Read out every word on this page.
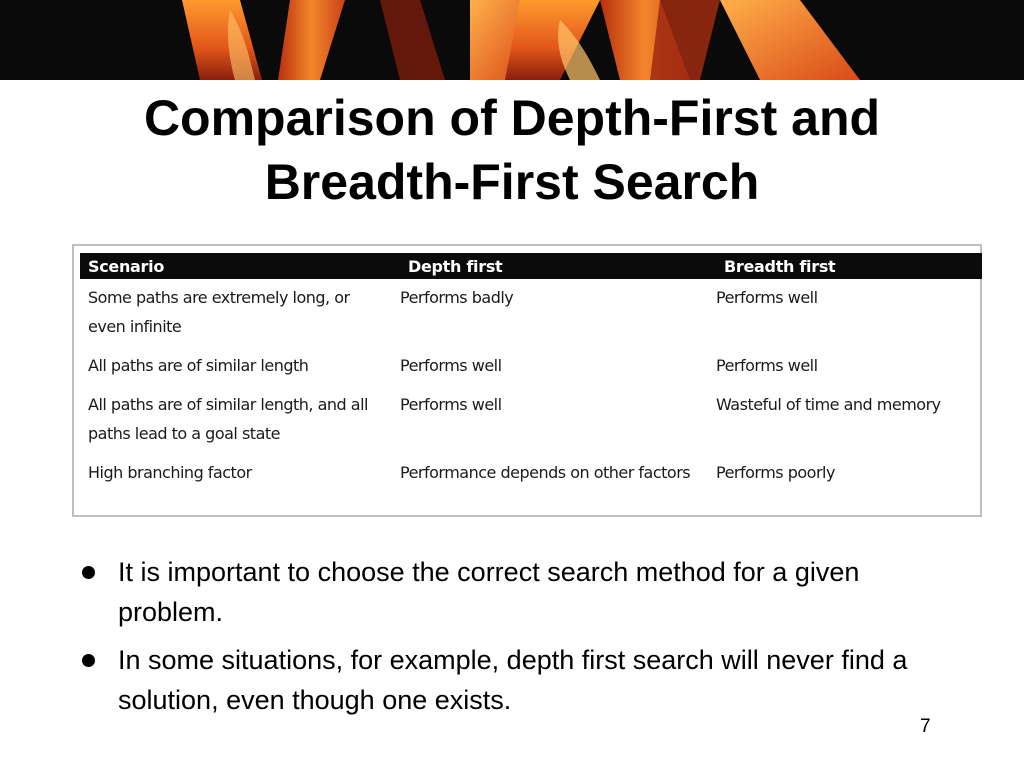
Comparison of Depth-First and
Breadth-First Search
Scenario	Depth first	Breadth first

Some paths are extremely long, or even infinite	Performs badly	Performs well

All paths are of similar length	Performs well	Performs well

All paths are of similar length, and all paths lead to a goal state	Performs well	Wasteful of time and memory

High branching factor	Performance depends on other factors	Performs poorly
It is important to choose the correct search method for a given problem.
In some situations, for example, depth first search will never find a solution, even though one exists.
7
